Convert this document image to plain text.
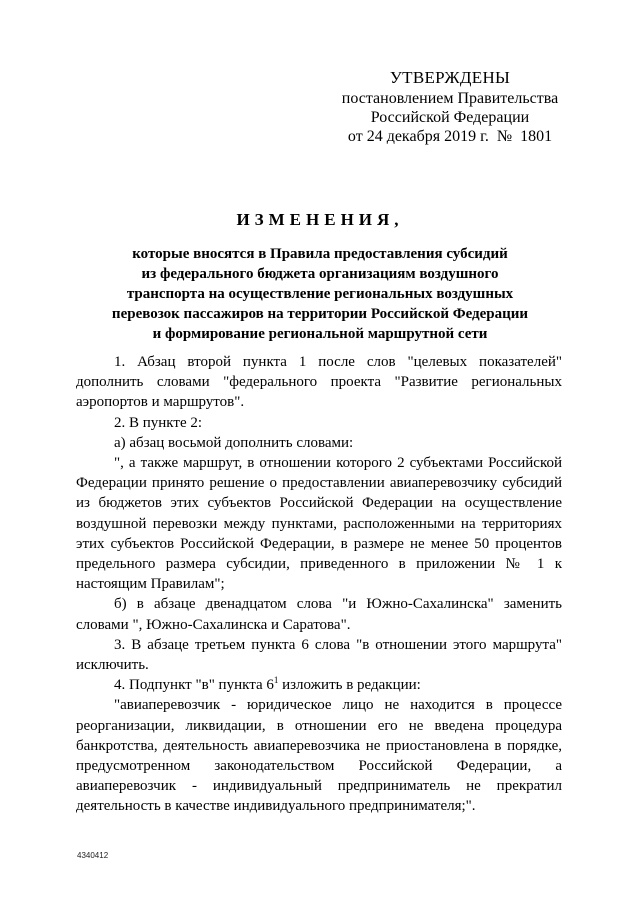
УТВЕРЖДЕНЫ
постановлением Правительства
Российской Федерации
от 24 декабря 2019 г.  №  1801
ИЗМЕНЕНИЯ,
которые вносятся в Правила предоставления субсидий
из федерального бюджета организациям воздушного
транспорта на осуществление региональных воздушных
перевозок пассажиров на территории Российской Федерации
и формирование региональной маршрутной сети

1. Абзац второй пункта 1 после слов "целевых показателей" дополнить словами "федерального проекта "Развитие региональных аэропортов и маршрутов".

2. В пункте 2:

а) абзац восьмой дополнить словами:

", а также маршрут, в отношении которого 2 субъектами Российской Федерации принято решение о предоставлении авиаперевозчику субсидий из бюджетов этих субъектов Российской Федерации на осуществление воздушной перевозки между пунктами, расположенными на территориях этих субъектов Российской Федерации, в размере не менее 50 процентов предельного размера субсидии, приведенного в приложении № 1 к настоящим Правилам";

б) в абзаце двенадцатом слова "и Южно-Сахалинска" заменить словами ", Южно-Сахалинска и Саратова".

3. В абзаце третьем пункта 6 слова "в отношении этого маршрута" исключить.

4. Подпункт "в" пункта 6$^1$ изложить в редакции:

"авиаперевозчик - юридическое лицо не находится в процессе реорганизации, ликвидации, в отношении его не введена процедура банкротства, деятельность авиаперевозчика не приостановлена в порядке, предусмотренном законодательством Российской Федерации, а авиаперевозчик - индивидуальный предприниматель не прекратил деятельность в качестве индивидуального предпринимателя;".

4340412
